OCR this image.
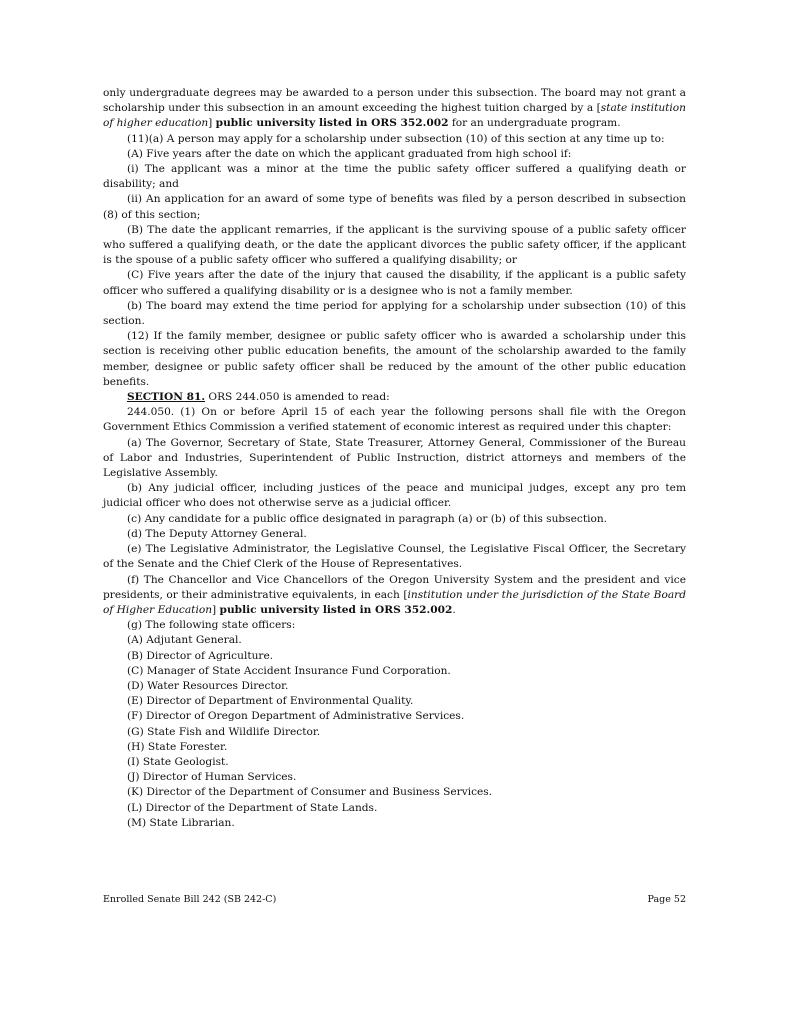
only undergraduate degrees may be awarded to a person under this subsection. The board may not grant a scholarship under this subsection in an amount exceeding the highest tuition charged by a [state institution of higher education] public university listed in ORS 352.002 for an undergraduate program.

(11)(a) A person may apply for a scholarship under subsection (10) of this section at any time up to:

(A) Five years after the date on which the applicant graduated from high school if:

(i) The applicant was a minor at the time the public safety officer suffered a qualifying death or disability; and

(ii) An application for an award of some type of benefits was filed by a person described in subsection (8) of this section;

(B) The date the applicant remarries, if the applicant is the surviving spouse of a public safety officer who suffered a qualifying death, or the date the applicant divorces the public safety officer, if the applicant is the spouse of a public safety officer who suffered a qualifying disability; or

(C) Five years after the date of the injury that caused the disability, if the applicant is a public safety officer who suffered a qualifying disability or is a designee who is not a family member.

(b) The board may extend the time period for applying for a scholarship under subsection (10) of this section.

(12) If the family member, designee or public safety officer who is awarded a scholarship under this section is receiving other public education benefits, the amount of the scholarship awarded to the family member, designee or public safety officer shall be reduced by the amount of the other public education benefits.

SECTION 81. ORS 244.050 is amended to read:

244.050. (1) On or before April 15 of each year the following persons shall file with the Oregon Government Ethics Commission a verified statement of economic interest as required under this chapter:

(a) The Governor, Secretary of State, State Treasurer, Attorney General, Commissioner of the Bureau of Labor and Industries, Superintendent of Public Instruction, district attorneys and members of the Legislative Assembly.

(b) Any judicial officer, including justices of the peace and municipal judges, except any pro tem judicial officer who does not otherwise serve as a judicial officer.

(c) Any candidate for a public office designated in paragraph (a) or (b) of this subsection.

(d) The Deputy Attorney General.

(e) The Legislative Administrator, the Legislative Counsel, the Legislative Fiscal Officer, the Secretary of the Senate and the Chief Clerk of the House of Representatives.

(f) The Chancellor and Vice Chancellors of the Oregon University System and the president and vice presidents, or their administrative equivalents, in each [institution under the jurisdiction of the State Board of Higher Education] public university listed in ORS 352.002.

(g) The following state officers:

(A) Adjutant General.

(B) Director of Agriculture.

(C) Manager of State Accident Insurance Fund Corporation.

(D) Water Resources Director.

(E) Director of Department of Environmental Quality.

(F) Director of Oregon Department of Administrative Services.

(G) State Fish and Wildlife Director.

(H) State Forester.

(I) State Geologist.

(J) Director of Human Services.

(K) Director of the Department of Consumer and Business Services.

(L) Director of the Department of State Lands.

(M) State Librarian.

Enrolled Senate Bill 242 (SB 242-C)	Page 52
